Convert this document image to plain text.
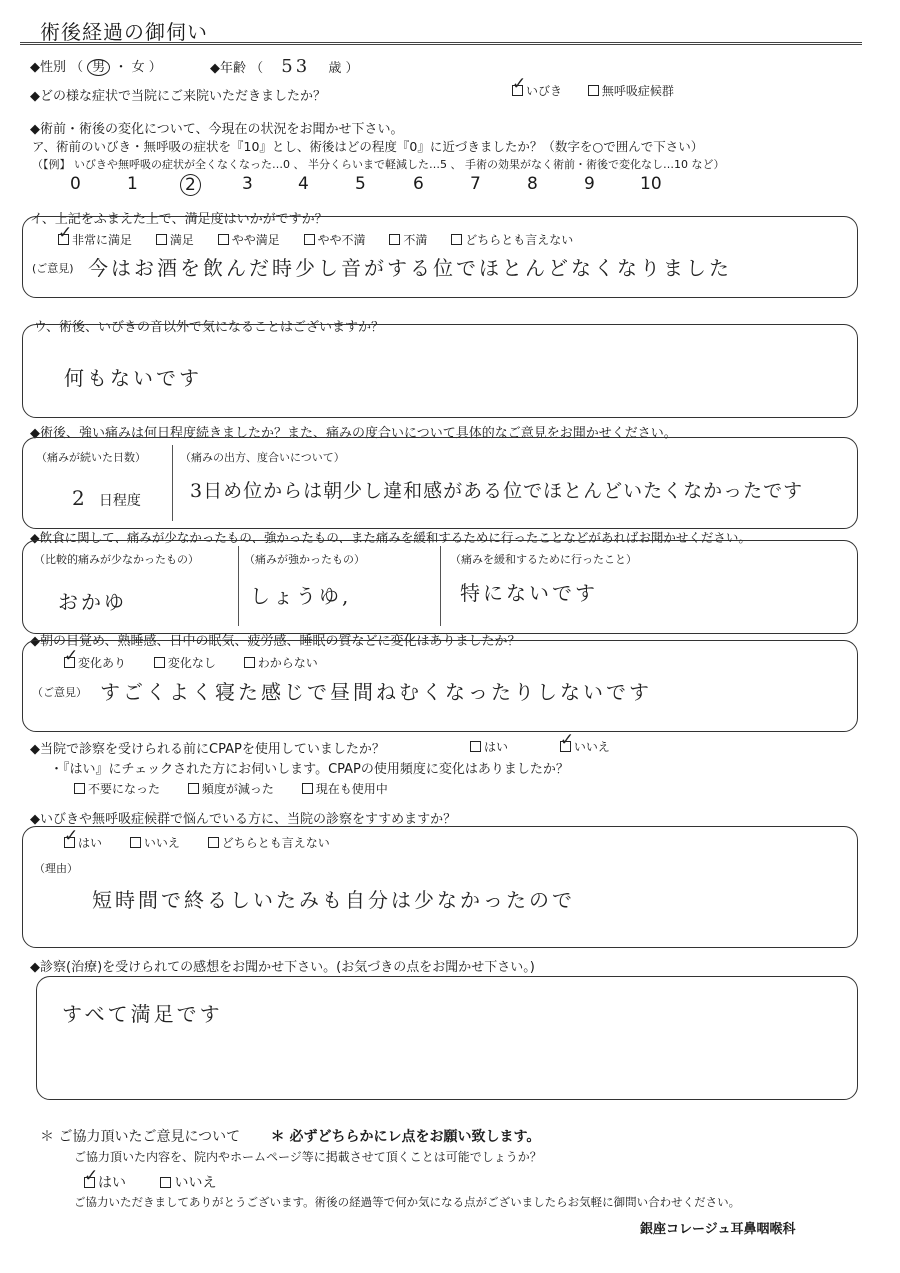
術後経過の御伺い
◆性別 （ 男 ・ 女 ）	◆年齢 （ 53 歳 ）
◆どの様な症状で当院にご来院いただきましたか？ ✓	いびき	無呼吸症候群
◆術前・術後の変化について、今現在の状況をお聞かせ下さい。
ア、術前のいびき・無呼吸の症状を『10』とし、術後はどの程度『0』に近づきましたか？（数字を○で囲んで下さい）
（【例】 いびきや無呼吸の症状が全くなくなった…0 、 半分くらいまで軽減した…5 、 手術の効果がなく術前・術後で変化なし…10 など）
0	1	2	3	4	5	6	7	8	9	10
イ、上記をふまえた上で、満足度はいかがですか？
✓非常に満足	満足	やや満足	やや不満	不満	どちらとも言えない
(ご意見) 今はお酒を飲んだ時少し音がする位でほとんどなくなりました
ウ、術後、いびきの音以外で気になることはございますか？
何もないです
◆術後、強い痛みは何日程度続きましたか？また、痛みの度合いについて具体的なご意見をお聞かせください。
（痛みが続いた日数）
2 日程度
（痛みの出方、度合いについて）
3日め位からは朝少し違和感がある位でほとんどいたくなかったです
◆飲食に関して、痛みが少なかったもの、強かったもの、また痛みを緩和するために行ったことなどがあればお聞かせください。
（比較的痛みが少なかったもの）
おかゆ
（痛みが強かったもの）
しょうゆ,
（痛みを緩和するために行ったこと）
特にないです
◆朝の目覚め、熟睡感、日中の眠気、疲労感、睡眠の質などに変化はありましたか？
✓変化あり	変化なし	わからない
（ご意見） すごくよく寝た感じで昼間ねむくなったりしないです
◆当院で診察を受けられる前にCPAPを使用していましたか？	はい ✓	いいえ
・『はい』にチェックされた方にお伺いします。CPAPの使用頻度に変化はありましたか？
不要になった	頻度が減った	現在も使用中
◆いびきや無呼吸症候群で悩んでいる方に、当院の診察をすすめますか？
✓はい	いいえ	どちらとも言えない
（理由）
短時間で終るしいたみも自分は少なかったので
◆診察(治療)を受けられての感想をお聞かせ下さい。(お気づきの点をお聞かせ下さい。)
すべて満足です
＊ ご協力頂いたご意見について ＊ 必ずどちらかにレ点をお願い致します。
ご協力頂いた内容を、院内やホームページ等に掲載させて頂くことは可能でしょうか？
✓はい	いいえ
ご協力いただきましてありがとうございます。術後の経過等で何か気になる点がございましたらお気軽に御問い合わせください。
銀座コレージュ耳鼻咽喉科
